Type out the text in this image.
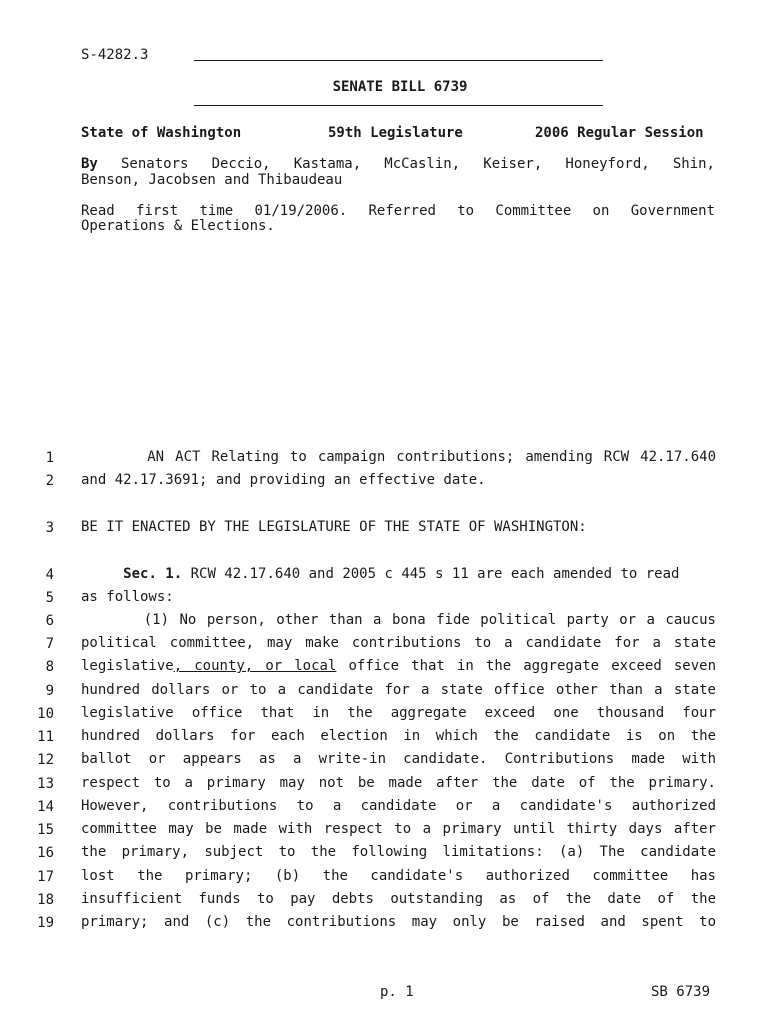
S-4282.3
SENATE BILL 6739
State of Washington	59th Legislature	2006 Regular Session
By Senators Deccio, Kastama, McCaslin, Keiser, Honeyford, Shin,
Benson, Jacobsen and Thibaudeau
Read first time 01/19/2006. Referred to Committee on Government
Operations & Elections.
1	AN ACT Relating to campaign contributions; amending RCW 42.17.640
2 and 42.17.3691; and providing an effective date.
3 BE IT ENACTED BY THE LEGISLATURE OF THE STATE OF WASHINGTON:
4	Sec. 1. RCW 42.17.640 and 2005 c 445 s 11 are each amended to read
5 as follows:
6	(1) No person, other than a bona fide political party or a caucus
7 political committee, may make contributions to a candidate for a state
8 legislative, county, or local office that in the aggregate exceed seven
9 hundred dollars or to a candidate for a state office other than a state
10 legislative office that in the aggregate exceed one thousand four
11 hundred dollars for each election in which the candidate is on the
12 ballot or appears as a write-in candidate. Contributions made with
13 respect to a primary may not be made after the date of the primary.
14 However, contributions to a candidate or a candidate's authorized
15 committee may be made with respect to a primary until thirty days after
16 the primary, subject to the following limitations: (a) The candidate
17 lost the primary; (b) the candidate's authorized committee has
18 insufficient funds to pay debts outstanding as of the date of the
19 primary; and (c) the contributions may only be raised and spent to
p. 1	SB 6739
